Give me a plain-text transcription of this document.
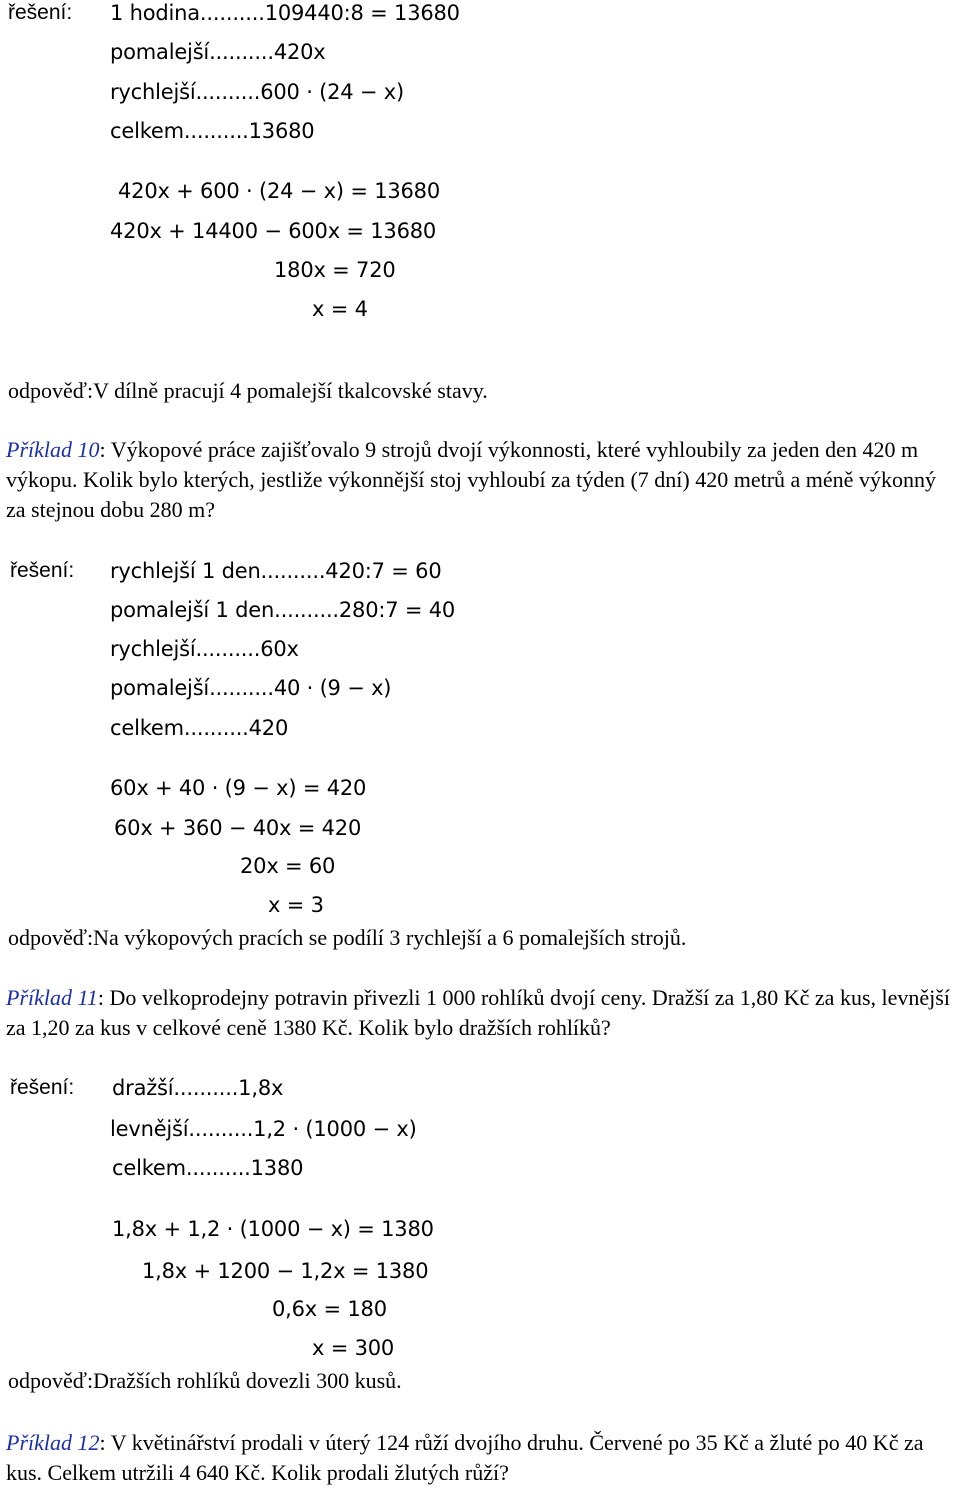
řešení: 1 hodina..........109440:8 = 13680
pomalejší..........420x
rychlejší..........600 · (24 − x)
celkem..........13680
420x + 600 · (24 − x) = 13680
420x + 14400 − 600x = 13680
180x = 720
x = 4
odpověď:V dílně pracují 4 pomalejší tkalcovské stavy.
Příklad 10: Výkopové práce zajišťovalo 9 strojů dvojí výkonnosti, které vyhloubily za jeden den 420 m výkopu. Kolik bylo kterých, jestliže výkonnější stoj vyhloubí za týden (7 dní) 420 metrů a méně výkonný za stejnou dobu 280 m?
řešení: rychlejší 1 den..........420:7 = 60
pomalejší 1 den..........280:7 = 40
rychlejší..........60x
pomalejší..........40 · (9 − x)
celkem..........420
60x + 40 · (9 − x) = 420
60x + 360 − 40x = 420
20x = 60
x = 3
odpověď:Na výkopových pracích se podílí 3 rychlejší a 6 pomalejších strojů.
Příklad 11: Do velkoprodejny potravin přivezli 1 000 rohlíků dvojí ceny. Dražší za 1,80 Kč za kus, levnější za 1,20 za kus v celkové ceně 1380 Kč. Kolik bylo dražších rohlíků?
řešení: dražší..........1,8x
levnější..........1,2 · (1000 − x)
celkem..........1380
1,8x + 1,2 · (1000 − x) = 1380
1,8x + 1200 − 1,2x = 1380
0,6x = 180
x = 300
odpověď:Dražších rohlíků dovezli 300 kusů.
Příklad 12: V květinářství prodali v úterý 124 růží dvojího druhu. Červené po 35 Kč a žluté po 40 Kč za kus. Celkem utržili 4 640 Kč. Kolik prodali žlutých růží?
